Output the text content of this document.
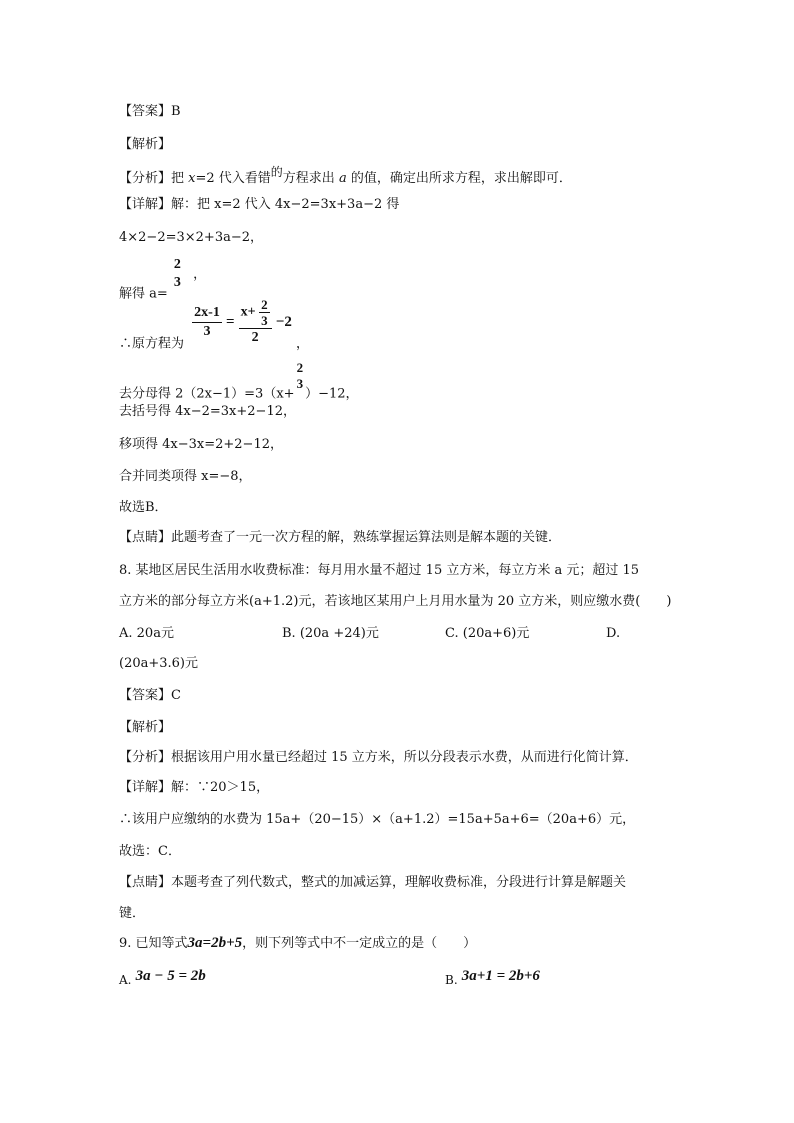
【答案】B
【解析】
【分析】把 x=2 代入看错的方程求出 a 的值，确定出所求方程，求出解即可．
【详解】解：把 x=2 代入 4x−2=3x+3a−2 得
4×2−2=3×2+3a−2，
解得 a=
2
3
，
∴原方程为
$\frac{2x-1}{3} = \frac{x+ \frac{2}{3}}{2} -2$ ，
去分母得 2（2x−1）=3（x+
2
3
）−12，
去括号得 4x−2=3x+2−12，
移项得 4x−3x=2+2−12，
合并同类项得 x=−8，
故选B．
【点睛】此题考查了一元一次方程的解，熟练掌握运算法则是解本题的关键．
8. 某地区居民生活用水收费标准：每月用水量不超过 15 立方米，每立方米 a 元；超过 15
立方米的部分每立方米(a+1.2)元，若该地区某用户上月用水量为 20 立方米，则应缴水费(　　)
A. 20a元	B. (20a +24)元	C. (20a+6)元	D.
(20a+3.6)元
【答案】C
【解析】
【分析】根据该用户用水量已经超过 15 立方米，所以分段表示水费，从而进行化简计算．
【详解】解：∵20＞15，
∴该用户应缴纳的水费为 15a+（20−15）×（a+1.2）=15a+5a+6=（20a+6）元，
故选：C．
【点睛】本题考查了列代数式，整式的加减运算，理解收费标准，分段进行计算是解题关
键．
9. 已知等式3a=2b+5，则下列等式中不一定成立的是（　　）
A. 3a − 5 = 2b	B. 3a+1 = 2b+6
